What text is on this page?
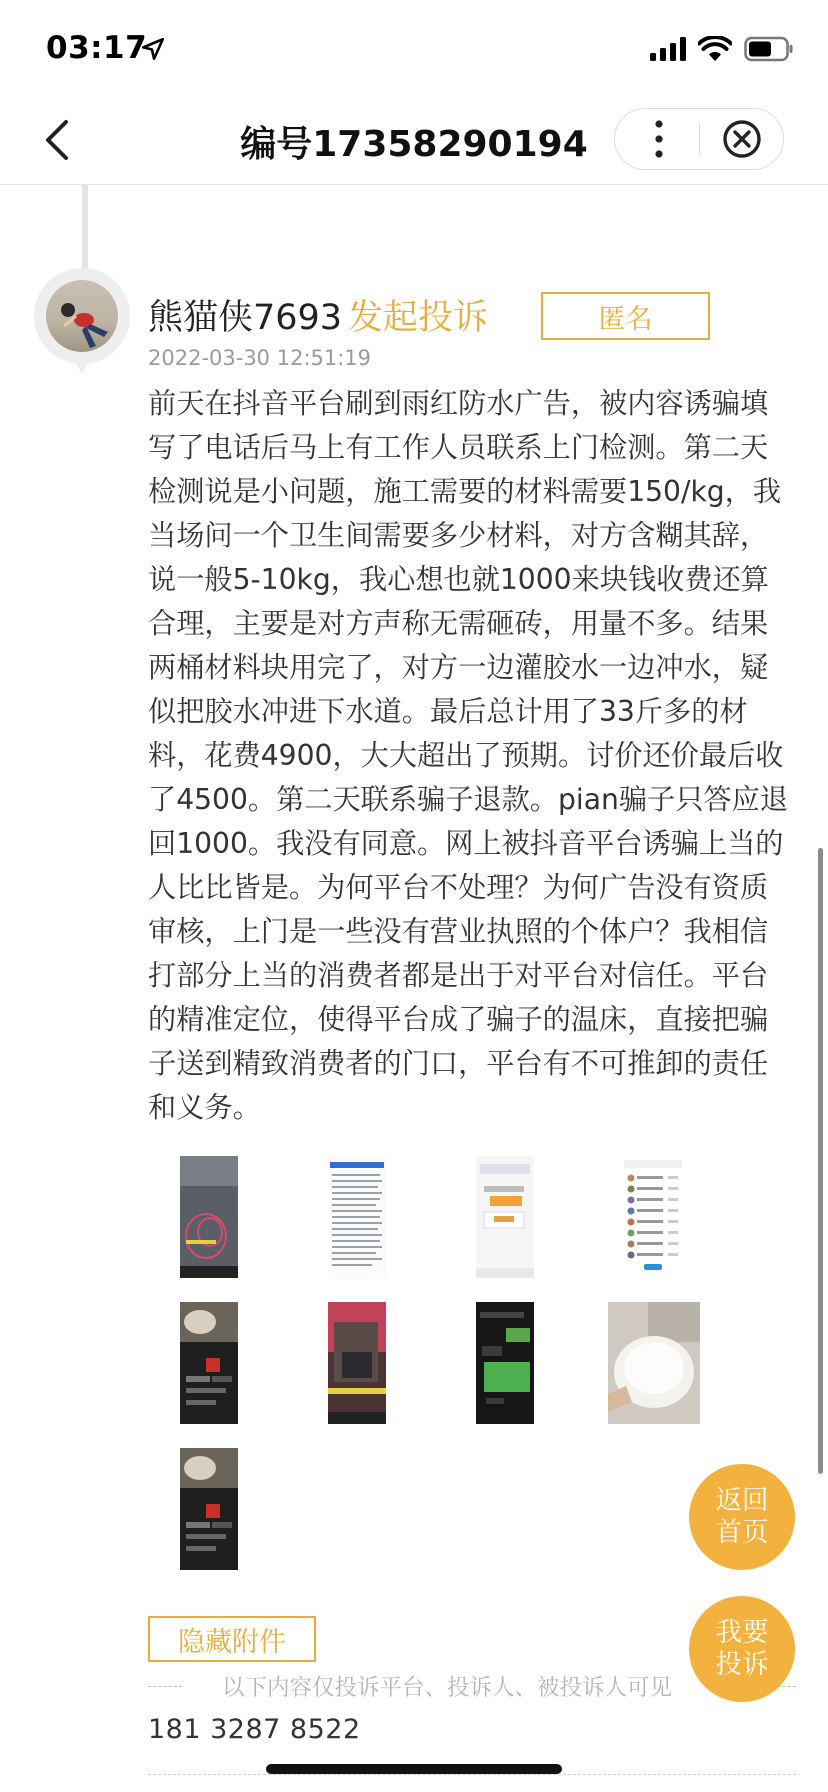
03:17
编号17358290194
熊猫侠7693 发起投诉	匿名
2022-03-30 12:51:19
前天在抖音平台刷到雨红防水广告，被内容诱骗填写了电话后马上有工作人员联系上门检测。第二天检测说是小问题，施工需要的材料需要150/kg，我当场问一个卫生间需要多少材料，对方含糊其辞，说一般5-10kg，我心想也就1000来块钱收费还算合理，主要是对方声称无需砸砖，用量不多。结果两桶材料块用完了，对方一边灌胶水一边冲水，疑似把胶水冲进下水道。最后总计用了33斤多的材料，花费4900，大大超出了预期。讨价还价最后收了4500。第二天联系骗子退款。pian骗子只答应退回1000。我没有同意。网上被抖音平台诱骗上当的人比比皆是。为何平台不处理？为何广告没有资质审核，上门是一些没有营业执照的个体户？我相信打部分上当的消费者都是出于对平台对信任。平台的精准定位，使得平台成了骗子的温床，直接把骗子送到精致消费者的门口，平台有不可推卸的责任和义务。
隐藏附件
以下内容仅投诉平台、投诉人、被投诉人可见
181 3287 8522
返回
首页
我要
投诉
